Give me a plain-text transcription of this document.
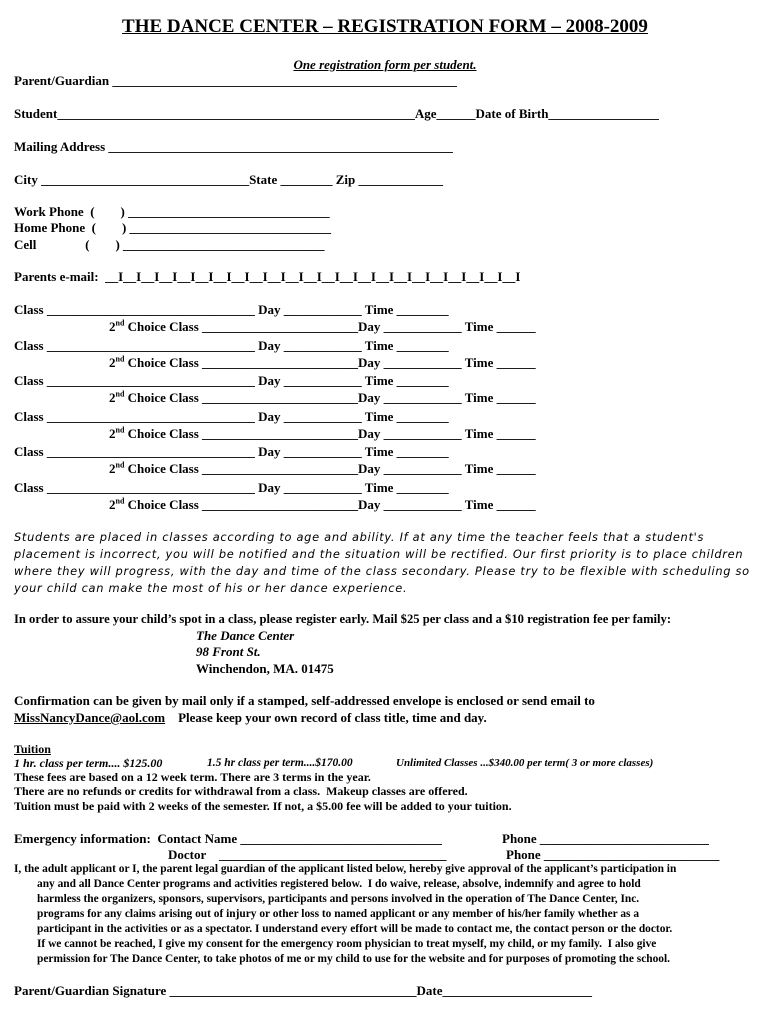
THE DANCE CENTER – REGISTRATION FORM – 2008-2009
One registration form per student.
Parent/Guardian _____________________________________________________
Student_______________________________________________________Age______Date of Birth_________________
Mailing Address _____________________________________________________
City ________________________________State ________ Zip _____________
Work Phone  (        ) _______________________________
Home Phone  (        ) _______________________________
Cell               (        ) _______________________________
Parents e-mail:  __I__I__I__I__I__I__I__I__I__I__I__I__I__I__I__I__I__I__I__I__I__I__I
Class ________________________________ Day ____________ Time ________
2nd Choice Class ________________________Day ____________ Time ______
Class ________________________________ Day ____________ Time ________
2nd Choice Class ________________________Day ____________ Time ______
Class ________________________________ Day ____________ Time ________
2nd Choice Class ________________________Day ____________ Time ______
Class ________________________________ Day ____________ Time ________
2nd Choice Class ________________________Day ____________ Time ______
Class ________________________________ Day ____________ Time ________
2nd Choice Class ________________________Day ____________ Time ______
Class ________________________________ Day ____________ Time ________
2nd Choice Class ________________________Day ____________ Time ______
Students are placed in classes according to age and ability. If at any time the teacher feels that a student's
placement is incorrect, you will be notified and the situation will be rectified. Our first priority is to place children
where they will progress, with the day and time of the class secondary. Please try to be flexible with scheduling so
your child can make the most of his or her dance experience.
In order to assure your child’s spot in a class, please register early. Mail $25 per class and a $10 registration fee per family:
The Dance Center
98 Front St.
Winchendon, MA. 01475
Confirmation can be given by mail only if a stamped, self-addressed envelope is enclosed or send email to
MissNancyDance@aol.com    Please keep your own record of class title, time and day.
Tuition
1 hr. class per term.... $125.00	1.5 hr class per term....$170.00	Unlimited Classes ...$340.00 per term( 3 or more classes)
These fees are based on a 12 week term. There are 3 terms in the year.
There are no refunds or credits for withdrawal from a class.  Makeup classes are offered.
Tuition must be paid with 2 weeks of the semester. If not, a $5.00 fee will be added to your tuition.
Emergency information:  Contact Name _______________________________	Phone __________________________
Doctor    ___________________________________	Phone ___________________________
I, the adult applicant or I, the parent legal guardian of the applicant listed below, hereby give approval of the applicant’s participation in
any and all Dance Center programs and activities registered below.  I do waive, release, absolve, indemnify and agree to hold
harmless the organizers, sponsors, supervisors, participants and persons involved in the operation of The Dance Center, Inc.
programs for any claims arising out of injury or other loss to named applicant or any member of his/her family whether as a
participant in the activities or as a spectator. I understand every effort will be made to contact me, the contact person or the doctor.
If we cannot be reached, I give my consent for the emergency room physician to treat myself, my child, or my family.  I also give
permission for The Dance Center, to take photos of me or my child to use for the website and for purposes of promoting the school.
Parent/Guardian Signature ______________________________________Date_______________________
